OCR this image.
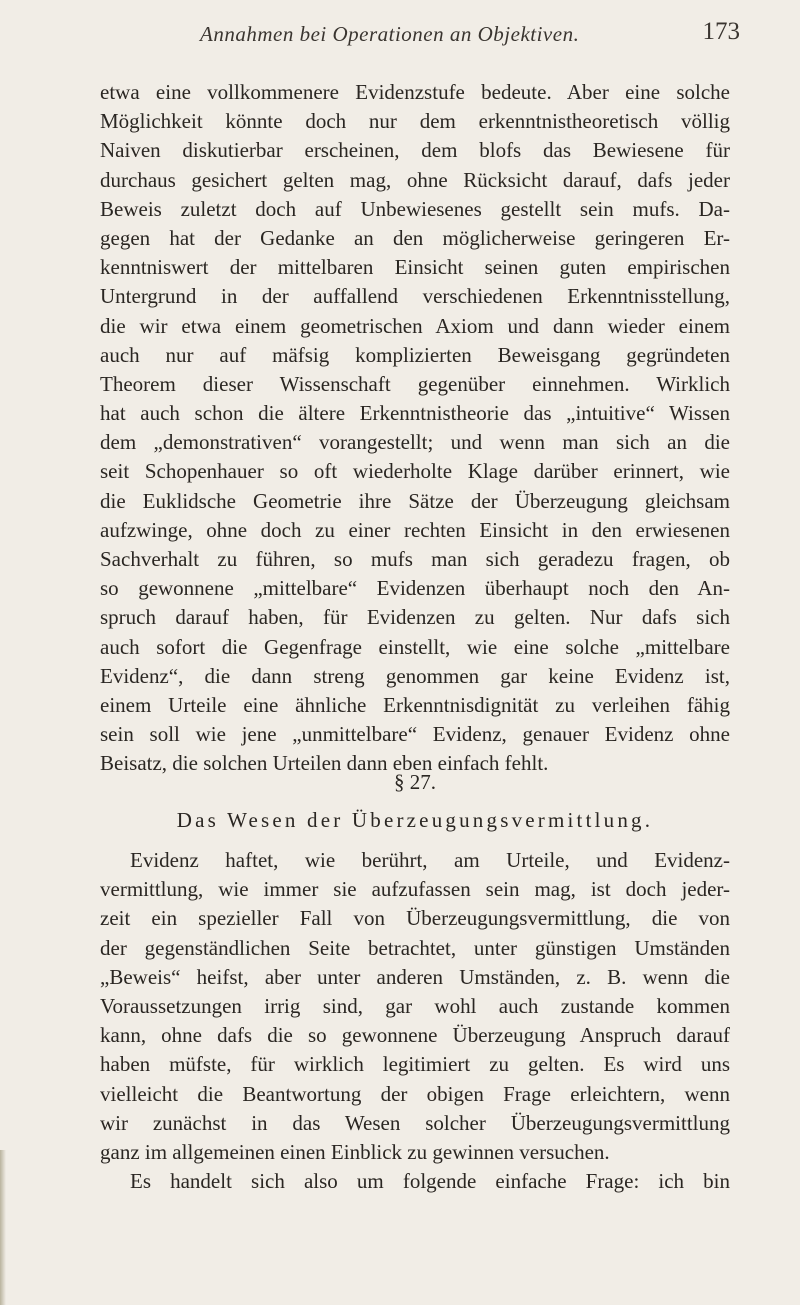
Annahmen bei Operationen an Objektiven.	173
etwa eine vollkommenere Evidenzstufe bedeute. Aber eine solche
Möglichkeit könnte doch nur dem erkenntnistheoretisch völlig
Naiven diskutierbar erscheinen, dem blofs das Bewiesene für
durchaus gesichert gelten mag, ohne Rücksicht darauf, dafs jeder
Beweis zuletzt doch auf Unbewiesenes gestellt sein mufs. Da-
gegen hat der Gedanke an den möglicherweise geringeren Er-
kenntniswert der mittelbaren Einsicht seinen guten empirischen
Untergrund in der auffallend verschiedenen Erkenntnisstellung,
die wir etwa einem geometrischen Axiom und dann wieder einem
auch nur auf mäfsig komplizierten Beweisgang gegründeten
Theorem dieser Wissenschaft gegenüber einnehmen. Wirklich
hat auch schon die ältere Erkenntnistheorie das „intuitive“ Wissen
dem „demonstrativen“ vorangestellt; und wenn man sich an die
seit Schopenhauer so oft wiederholte Klage darüber erinnert, wie
die Euklidsche Geometrie ihre Sätze der Überzeugung gleichsam
aufzwinge, ohne doch zu einer rechten Einsicht in den erwiesenen
Sachverhalt zu führen, so mufs man sich geradezu fragen, ob
so gewonnene „mittelbare“ Evidenzen überhaupt noch den An-
spruch darauf haben, für Evidenzen zu gelten. Nur dafs sich
auch sofort die Gegenfrage einstellt, wie eine solche „mittelbare
Evidenz“, die dann streng genommen gar keine Evidenz ist,
einem Urteile eine ähnliche Erkenntnisdignität zu verleihen fähig
sein soll wie jene „unmittelbare“ Evidenz, genauer Evidenz ohne
Beisatz, die solchen Urteilen dann eben einfach fehlt.
§ 27.
Das Wesen der Überzeugungsvermittlung.
Evidenz haftet, wie berührt, am Urteile, und Evidenz-
vermittlung, wie immer sie aufzufassen sein mag, ist doch jeder-
zeit ein spezieller Fall von Überzeugungsvermittlung, die von
der gegenständlichen Seite betrachtet, unter günstigen Umständen
„Beweis“ heifst, aber unter anderen Umständen, z. B. wenn die
Voraussetzungen irrig sind, gar wohl auch zustande kommen
kann, ohne dafs die so gewonnene Überzeugung Anspruch darauf
haben müfste, für wirklich legitimiert zu gelten. Es wird uns
vielleicht die Beantwortung der obigen Frage erleichtern, wenn
wir zunächst in das Wesen solcher Überzeugungsvermittlung
ganz im allgemeinen einen Einblick zu gewinnen versuchen.
Es handelt sich also um folgende einfache Frage: ich bin
